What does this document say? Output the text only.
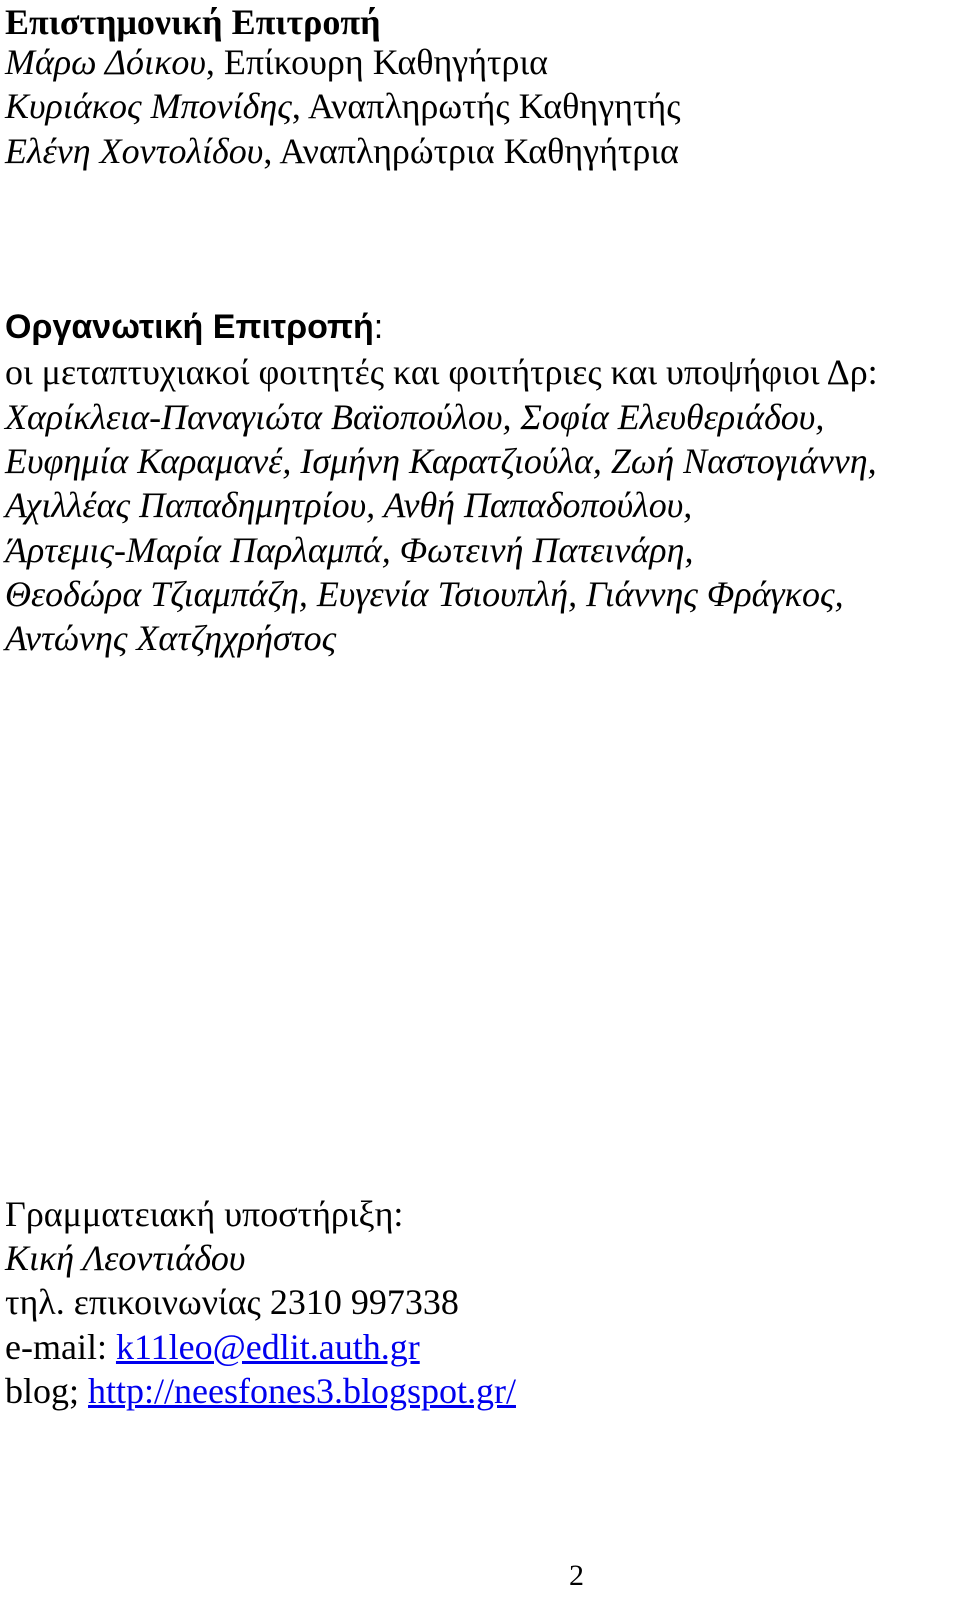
Επιστημονική Επιτροπή
Μάρω Δόικου, Επίκουρη Καθηγήτρια
Κυριάκος Μπονίδης, Αναπληρωτής Καθηγητής
Ελένη Χοντολίδου, Αναπληρώτρια Καθηγήτρια
Οργανωτική Επιτροπή:
οι μεταπτυχιακοί φοιτητές και φοιτήτριες και υποψήφιοι Δρ:
Χαρίκλεια-Παναγιώτα Βαϊοπούλου, Σοφία Ελευθεριάδου,
Ευφημία Καραμανέ, Ισμήνη Καρατζιούλα, Ζωή Ναστογιάννη,
Αχιλλέας Παπαδημητρίου, Ανθή Παπαδοπούλου,
Άρτεμις-Μαρία Παρλαμπά, Φωτεινή Πατεινάρη,
Θεοδώρα Τζιαμπάζη, Ευγενία Τσιουπλή, Γιάννης Φράγκος,
Αντώνης Χατζηχρήστος
Γραμματειακή υποστήριξη:
Κική Λεοντιάδου
τηλ. επικοινωνίας 2310 997338
e-mail: k11leo@edlit.auth.gr
blog; http://neesfones3.blogspot.gr/
2
